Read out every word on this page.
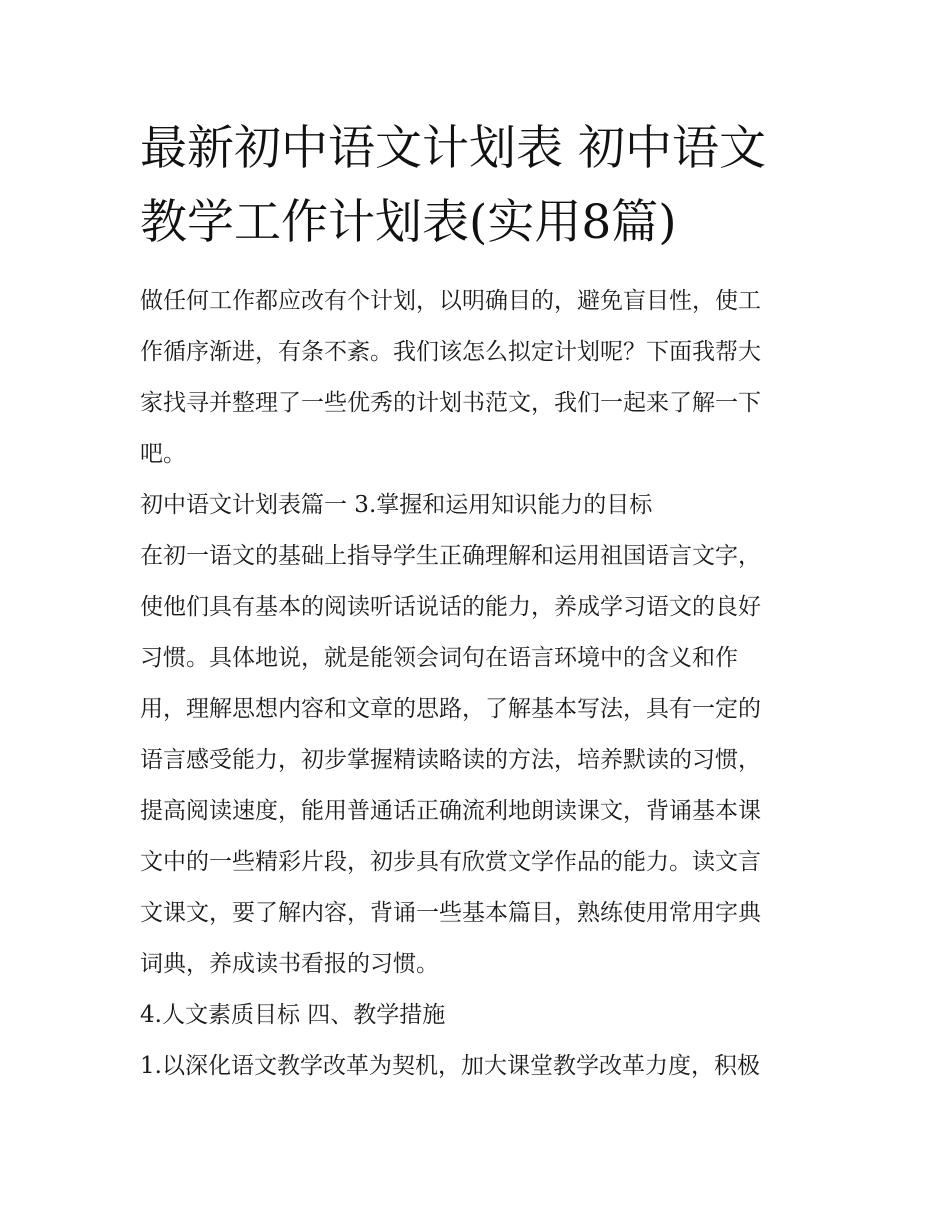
最新初中语文计划表 初中语文
教学工作计划表(实用8篇)
做任何工作都应改有个计划，以明确目的，避免盲目性，使工
作循序渐进，有条不紊。我们该怎么拟定计划呢？下面我帮大
家找寻并整理了一些优秀的计划书范文，我们一起来了解一下
吧。
初中语文计划表篇一 3.掌握和运用知识能力的目标
在初一语文的基础上指导学生正确理解和运用祖国语言文字，
使他们具有基本的阅读听话说话的能力，养成学习语文的良好
习惯。具体地说，就是能领会词句在语言环境中的含义和作
用，理解思想内容和文章的思路，了解基本写法，具有一定的
语言感受能力，初步掌握精读略读的方法，培养默读的习惯，
提高阅读速度，能用普通话正确流利地朗读课文，背诵基本课
文中的一些精彩片段，初步具有欣赏文学作品的能力。读文言
文课文，要了解内容，背诵一些基本篇目，熟练使用常用字典
词典，养成读书看报的习惯。
4.人文素质目标 四、教学措施
1.以深化语文教学改革为契机，加大课堂教学改革力度，积极
